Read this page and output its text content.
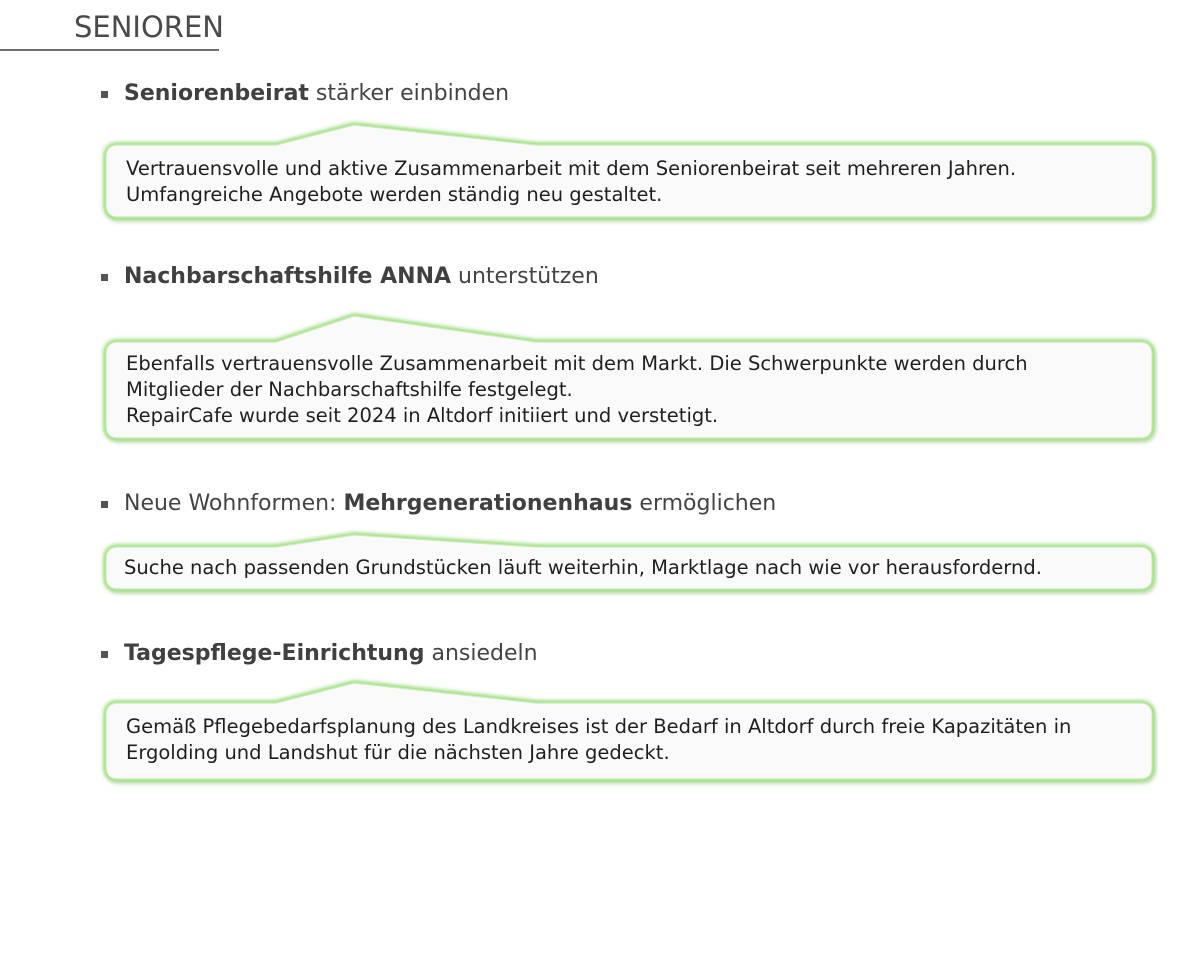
SENIOREN
Seniorenbeirat stärker einbinden
Vertrauensvolle und aktive Zusammenarbeit mit dem Seniorenbeirat seit mehreren Jahren.
Umfangreiche Angebote werden ständig neu gestaltet.
Nachbarschaftshilfe ANNA unterstützen
Ebenfalls vertrauensvolle Zusammenarbeit mit dem Markt. Die Schwerpunkte werden durch
Mitglieder der Nachbarschaftshilfe festgelegt.
RepairCafe wurde seit 2024 in Altdorf initiiert und verstetigt.
Neue Wohnformen: Mehrgenerationenhaus ermöglichen
Suche nach passenden Grundstücken läuft weiterhin, Marktlage nach wie vor herausfordernd.
Tagespflege-Einrichtung ansiedeln
Gemäß Pflegebedarfsplanung des Landkreises ist der Bedarf in Altdorf durch freie Kapazitäten in
Ergolding und Landshut für die nächsten Jahre gedeckt.
